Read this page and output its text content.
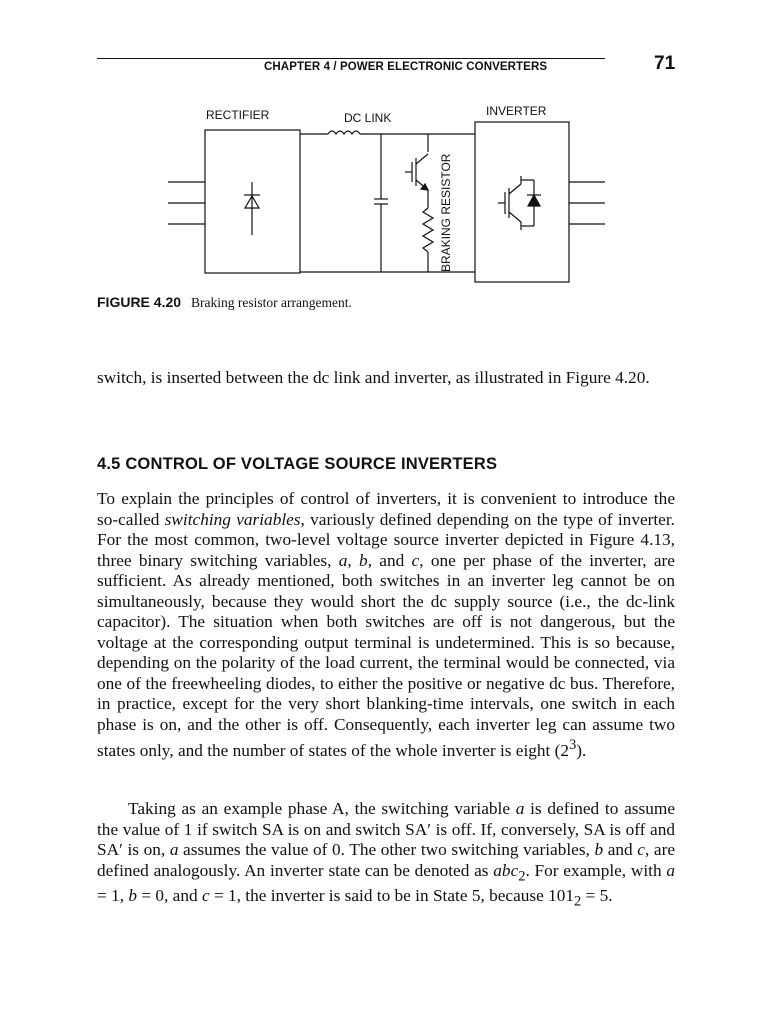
CHAPTER 4 / POWER ELECTRONIC CONVERTERS	71
RECTIFIER	DC LINK	INVERTER
BRAKING RESISTOR
FIGURE 4.20 Braking resistor arrangement.

switch, is inserted between the dc link and inverter, as illustrated in Figure 4.20.

4.5 CONTROL OF VOLTAGE SOURCE INVERTERS

To explain the principles of control of inverters, it is convenient to introduce the so-called switching variables, variously defined depending on the type of inverter. For the most common, two-level voltage source inverter depicted in Figure 4.13, three binary switching variables, a, b, and c, one per phase of the inverter, are sufficient. As already mentioned, both switches in an inverter leg cannot be on simultaneously, because they would short the dc supply source (i.e., the dc-link capacitor). The situation when both switches are off is not dangerous, but the voltage at the corresponding output terminal is undetermined. This is so because, depending on the polarity of the load current, the terminal would be connected, via one of the freewheeling diodes, to either the positive or negative dc bus. Therefore, in practice, except for the very short blanking-time intervals, one switch in each phase is on, and the other is off. Consequently, each inverter leg can assume two states only, and the number of states of the whole inverter is eight $(2^3)$.

Taking as an example phase A, the switching variable a is defined to assume the value of 1 if switch SA is on and switch SA′ is off. If, conversely, SA is off and SA′ is on, a assumes the value of 0. The other two switching variables, b and c, are defined analogously. An inverter state can be denoted as abc$_2$. For example, with a = 1, b = 0, and c = 1, the inverter is said to be in State 5, because $101_2 = 5$.
